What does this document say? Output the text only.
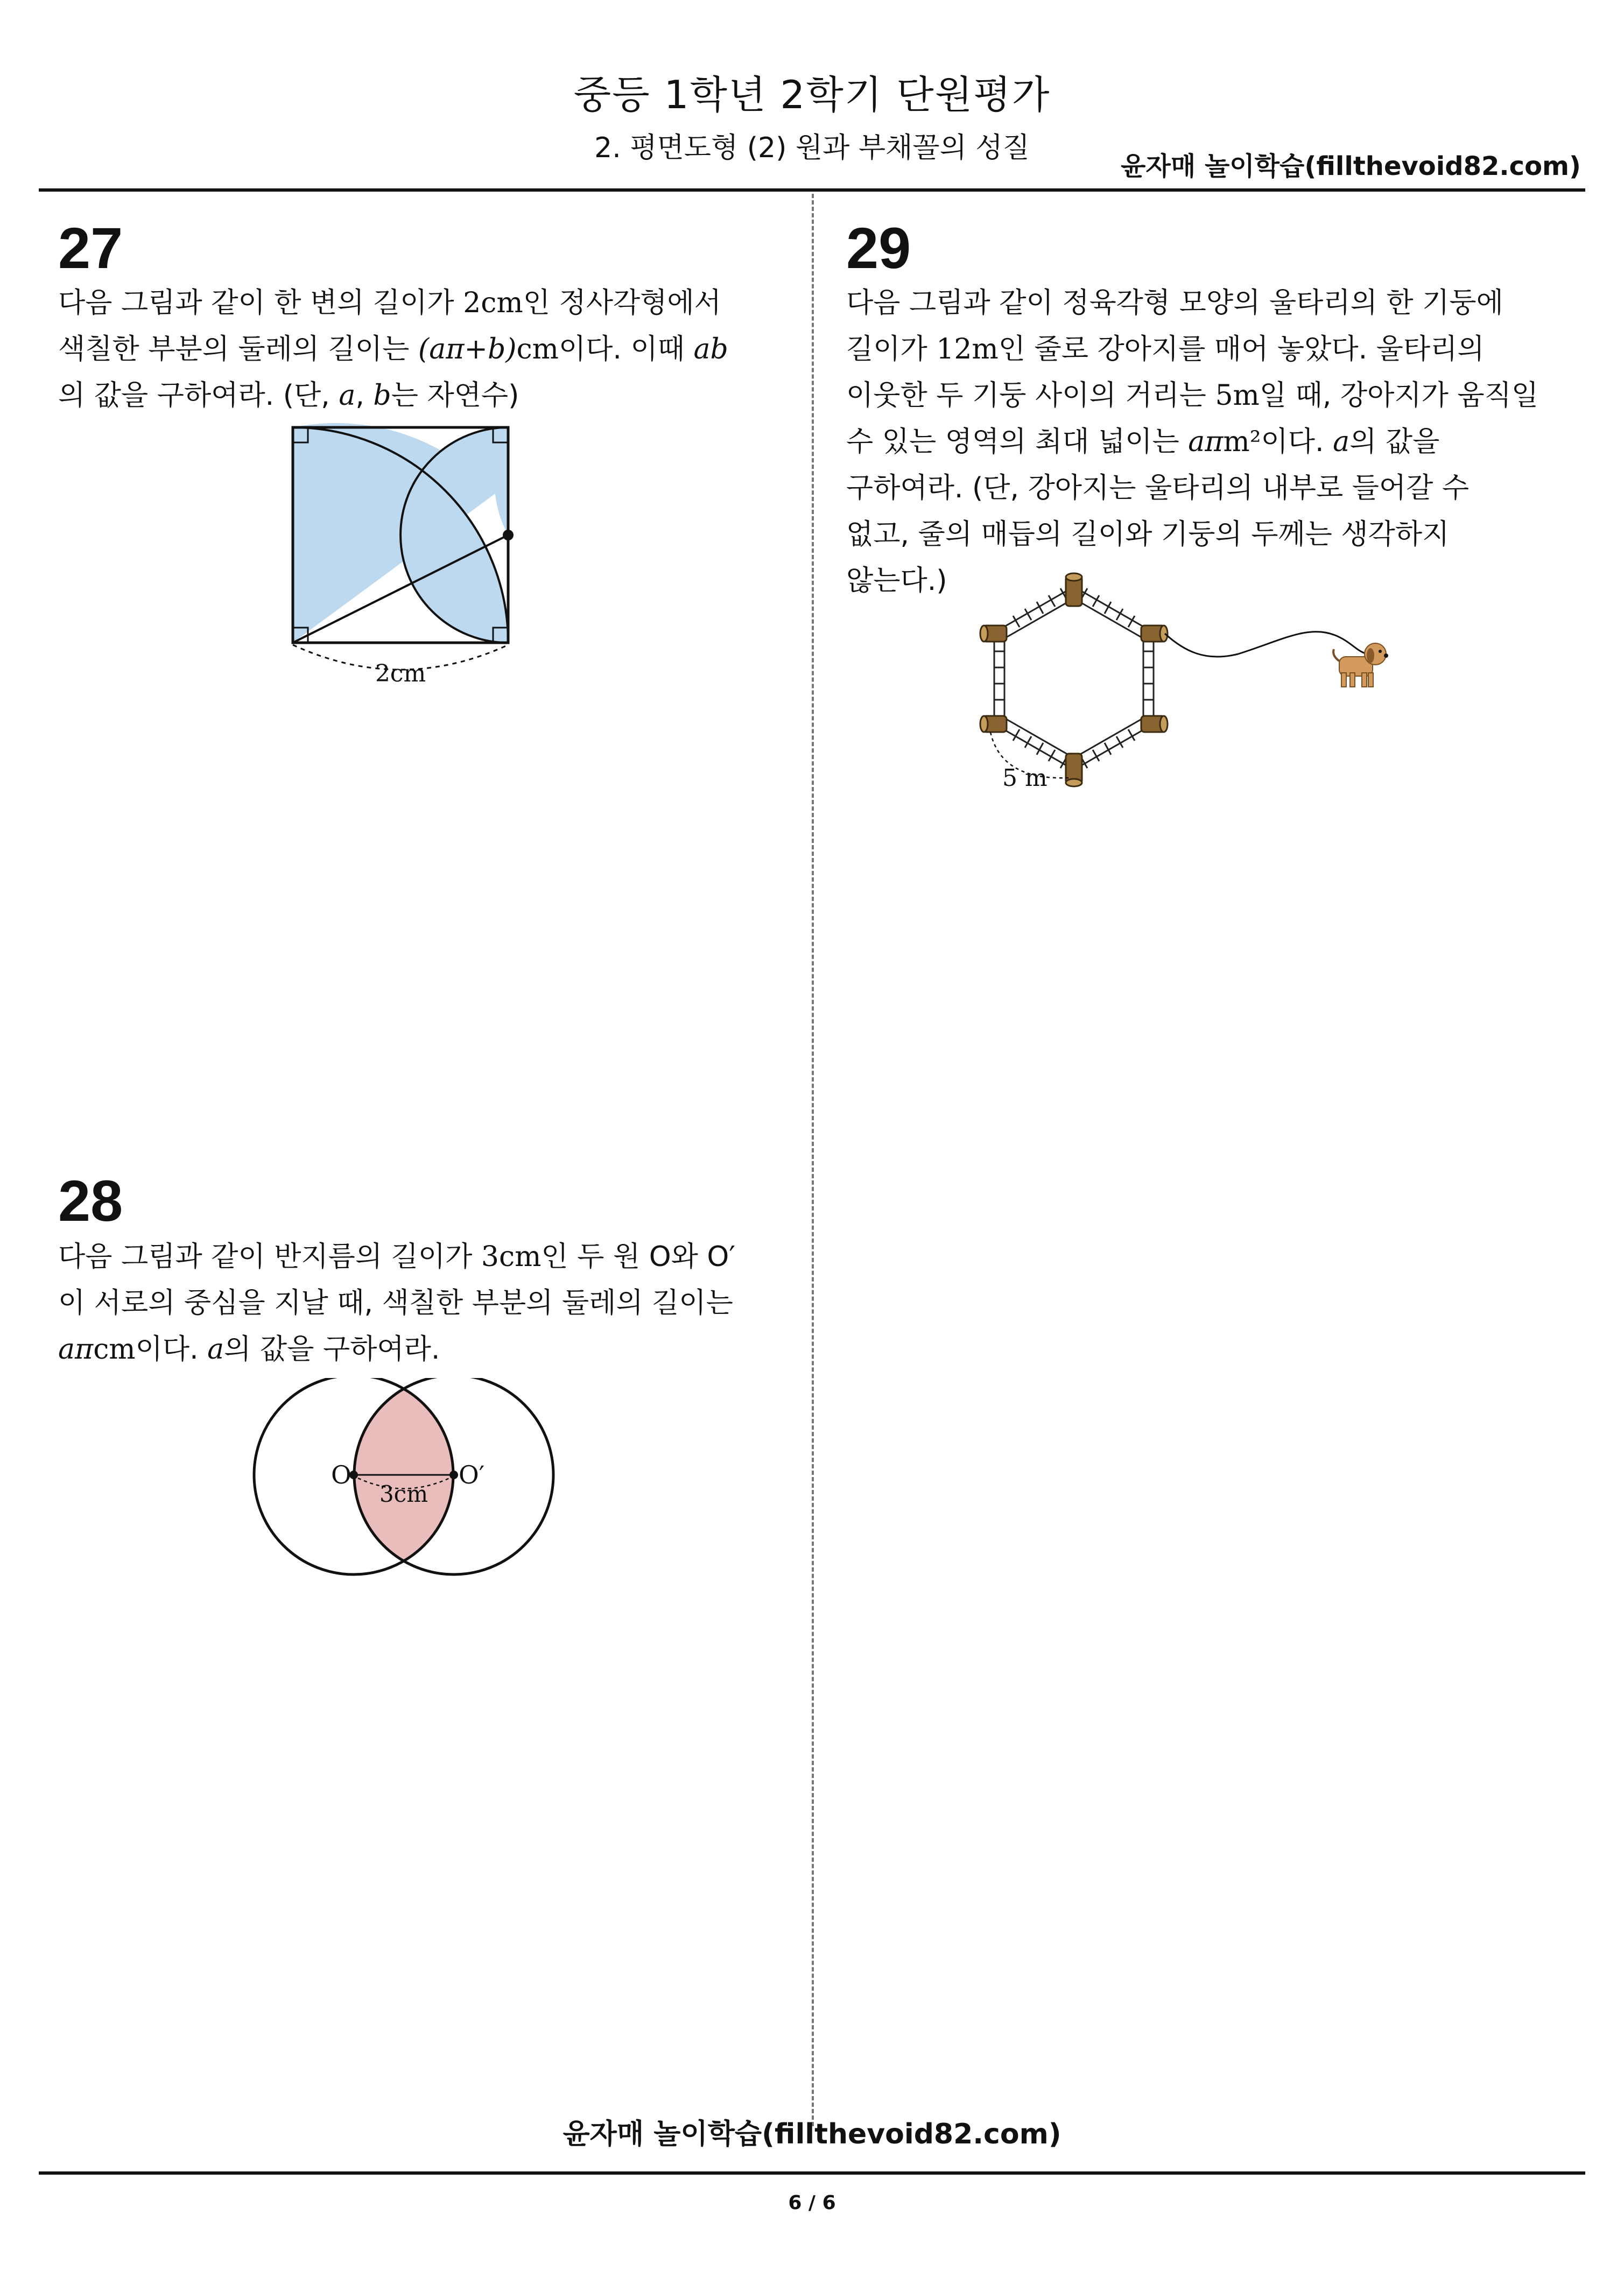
중등 1학년 2학기 단원평가
2. 평면도형 (2) 원과 부채꼴의 성질
윤자매 놀이학습(fillthevoid82.com)
27
다음 그림과 같이 한 변의 길이가 2cm인 정사각형에서 색칠한 부분의 둘레의 길이는 (aπ+b)cm이다. 이때 ab 의 값을 구하여라. (단, a, b는 자연수)
2cm
28
다음 그림과 같이 반지름의 길이가 3cm인 두 원 O와 O′이 서로의 중심을 지날 때, 색칠한 부분의 둘레의 길이는 aπcm이다. a의 값을 구하여라.
O	O′
3cm
29
다음 그림과 같이 정육각형 모양의 울타리의 한 기둥에 길이가 12m인 줄로 강아지를 매어 놓았다. 울타리의 이웃한 두 기둥 사이의 거리는 5m일 때, 강아지가 움직일 수 있는 영역의 최대 넓이는 aπm²이다. a의 값을 구하여라. (단, 강아지는 울타리의 내부로 들어갈 수 없고, 줄의 매듭의 길이와 기둥의 두께는 생각하지 않는다.)
5 m
윤자매 놀이학습(fillthevoid82.com)
6 / 6
